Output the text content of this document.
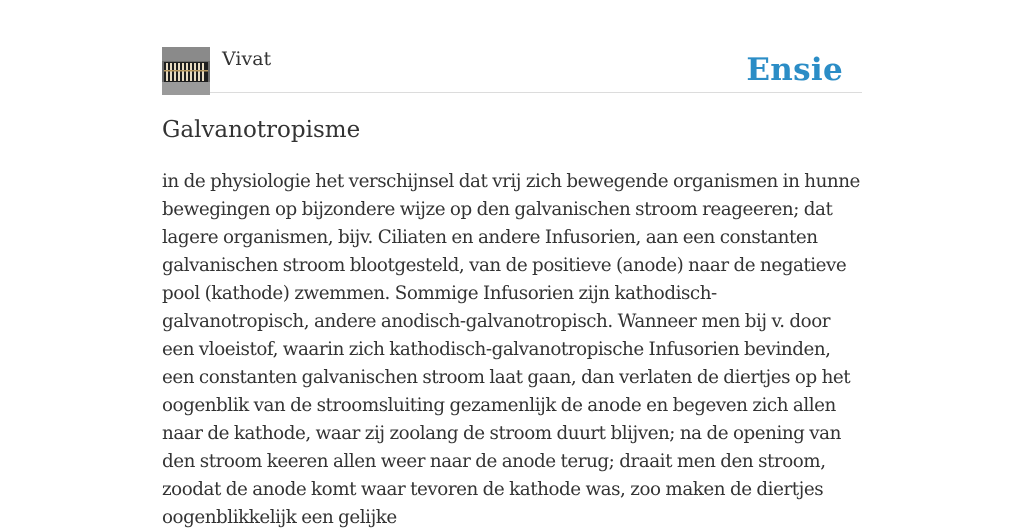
Vivat	Ensie
Galvanotropisme

in de physiologie het verschijnsel dat vrij zich bewegende organismen in hunne bewegingen op bijzondere wijze op den galvanischen stroom reageeren; dat lagere organismen, bijv. Ciliaten en andere Infusorien, aan een constanten galvanischen stroom blootgesteld, van de positieve (anode) naar de negatieve pool (kathode) zwemmen. Sommige Infusorien zijn kathodisch-galvanotropisch, andere anodisch-galvanotropisch. Wanneer men bij v. door een vloeistof, waarin zich kathodisch-galvanotropische Infusorien bevinden, een constanten galvanischen stroom laat gaan, dan verlaten de diertjes op het oogenblik van de stroomsluiting gezamenlijk de anode en begeven zich allen naar de kathode, waar zij zoolang de stroom duurt blijven; na de opening van den stroom keeren allen weer naar de anode terug; draait men den stroom, zoodat de anode komt waar tevoren de kathode was, zoo maken de diertjes oogenblikkelijk een gelijke
